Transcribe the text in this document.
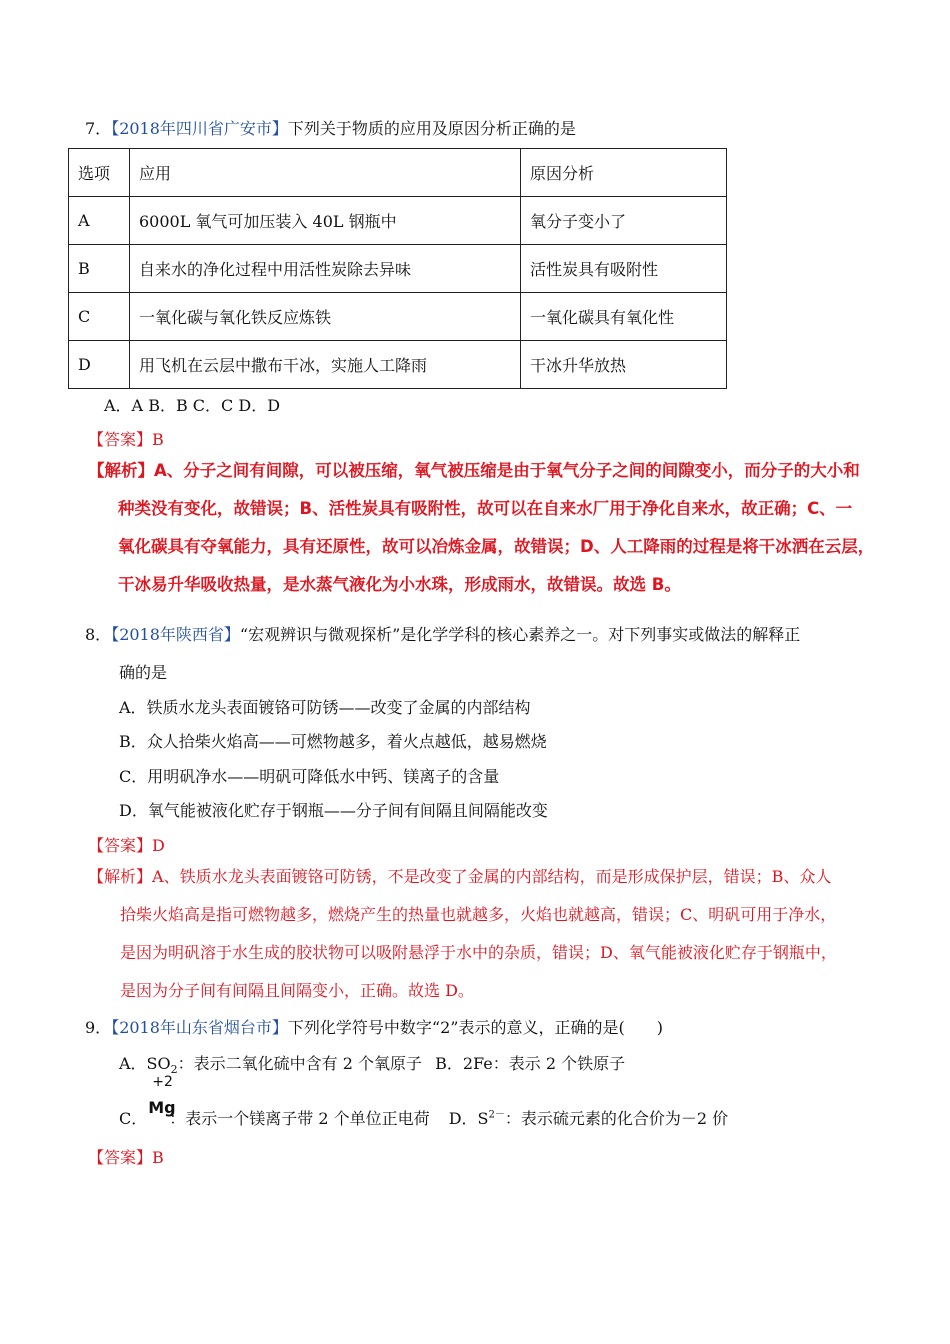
7．【2018年四川省广安市】下列关于物质的应用及原因分析正确的是
选项	应用	原因分析
A	6000L 氧气可加压装入 40L 钢瓶中	氧分子变小了
B	自来水的净化过程中用活性炭除去异味	活性炭具有吸附性
C	一氧化碳与氧化铁反应炼铁	一氧化碳具有氧化性
D	用飞机在云层中撒布干冰，实施人工降雨	干冰升华放热
A．A B．B C．C D．D
【答案】B
【解析】A、分子之间有间隙，可以被压缩，氧气被压缩是由于氧气分子之间的间隙变小，而分子的大小和
种类没有变化，故错误；B、活性炭具有吸附性，故可以在自来水厂用于净化自来水，故正确；C、一
氧化碳具有夺氧能力，具有还原性，故可以冶炼金属，故错误；D、人工降雨的过程是将干冰洒在云层，
干冰易升华吸收热量，是水蒸气液化为小水珠，形成雨水，故错误。故选 B。
8．【2018年陕西省】“宏观辨识与微观探析”是化学学科的核心素养之一。对下列事实或做法的解释正
确的是
A．铁质水龙头表面镀铬可防锈——改变了金属的内部结构
B．众人拾柴火焰高——可燃物越多，着火点越低，越易燃烧
C．用明矾净水——明矾可降低水中钙、镁离子的含量
D．氧气能被液化贮存于钢瓶——分子间有间隔且间隔能改变
【答案】D
【解析】A、铁质水龙头表面镀铬可防锈，不是改变了金属的内部结构，而是形成保护层，错误；B、众人
拾柴火焰高是指可燃物越多，燃烧产生的热量也就越多，火焰也就越高，错误；C、明矾可用于净水，
是因为明矾溶于水生成的胶状物可以吸附悬浮于水中的杂质，错误；D、氧气能被液化贮存于钢瓶中，
是因为分子间有间隔且间隔变小，正确。故选 D。
9．【2018年山东省烟台市】下列化学符号中数字“2”表示的意义，正确的是(　　)
A．$SO_2$：表示二氧化硫中含有 2 个氧原子 B．2Fe：表示 2 个铁原子
C．
+2
Mg
：表示一个镁离子带 2 个单位正电荷 D．$S^{2-}$：表示硫元素的化合价为－2 价
【答案】B
